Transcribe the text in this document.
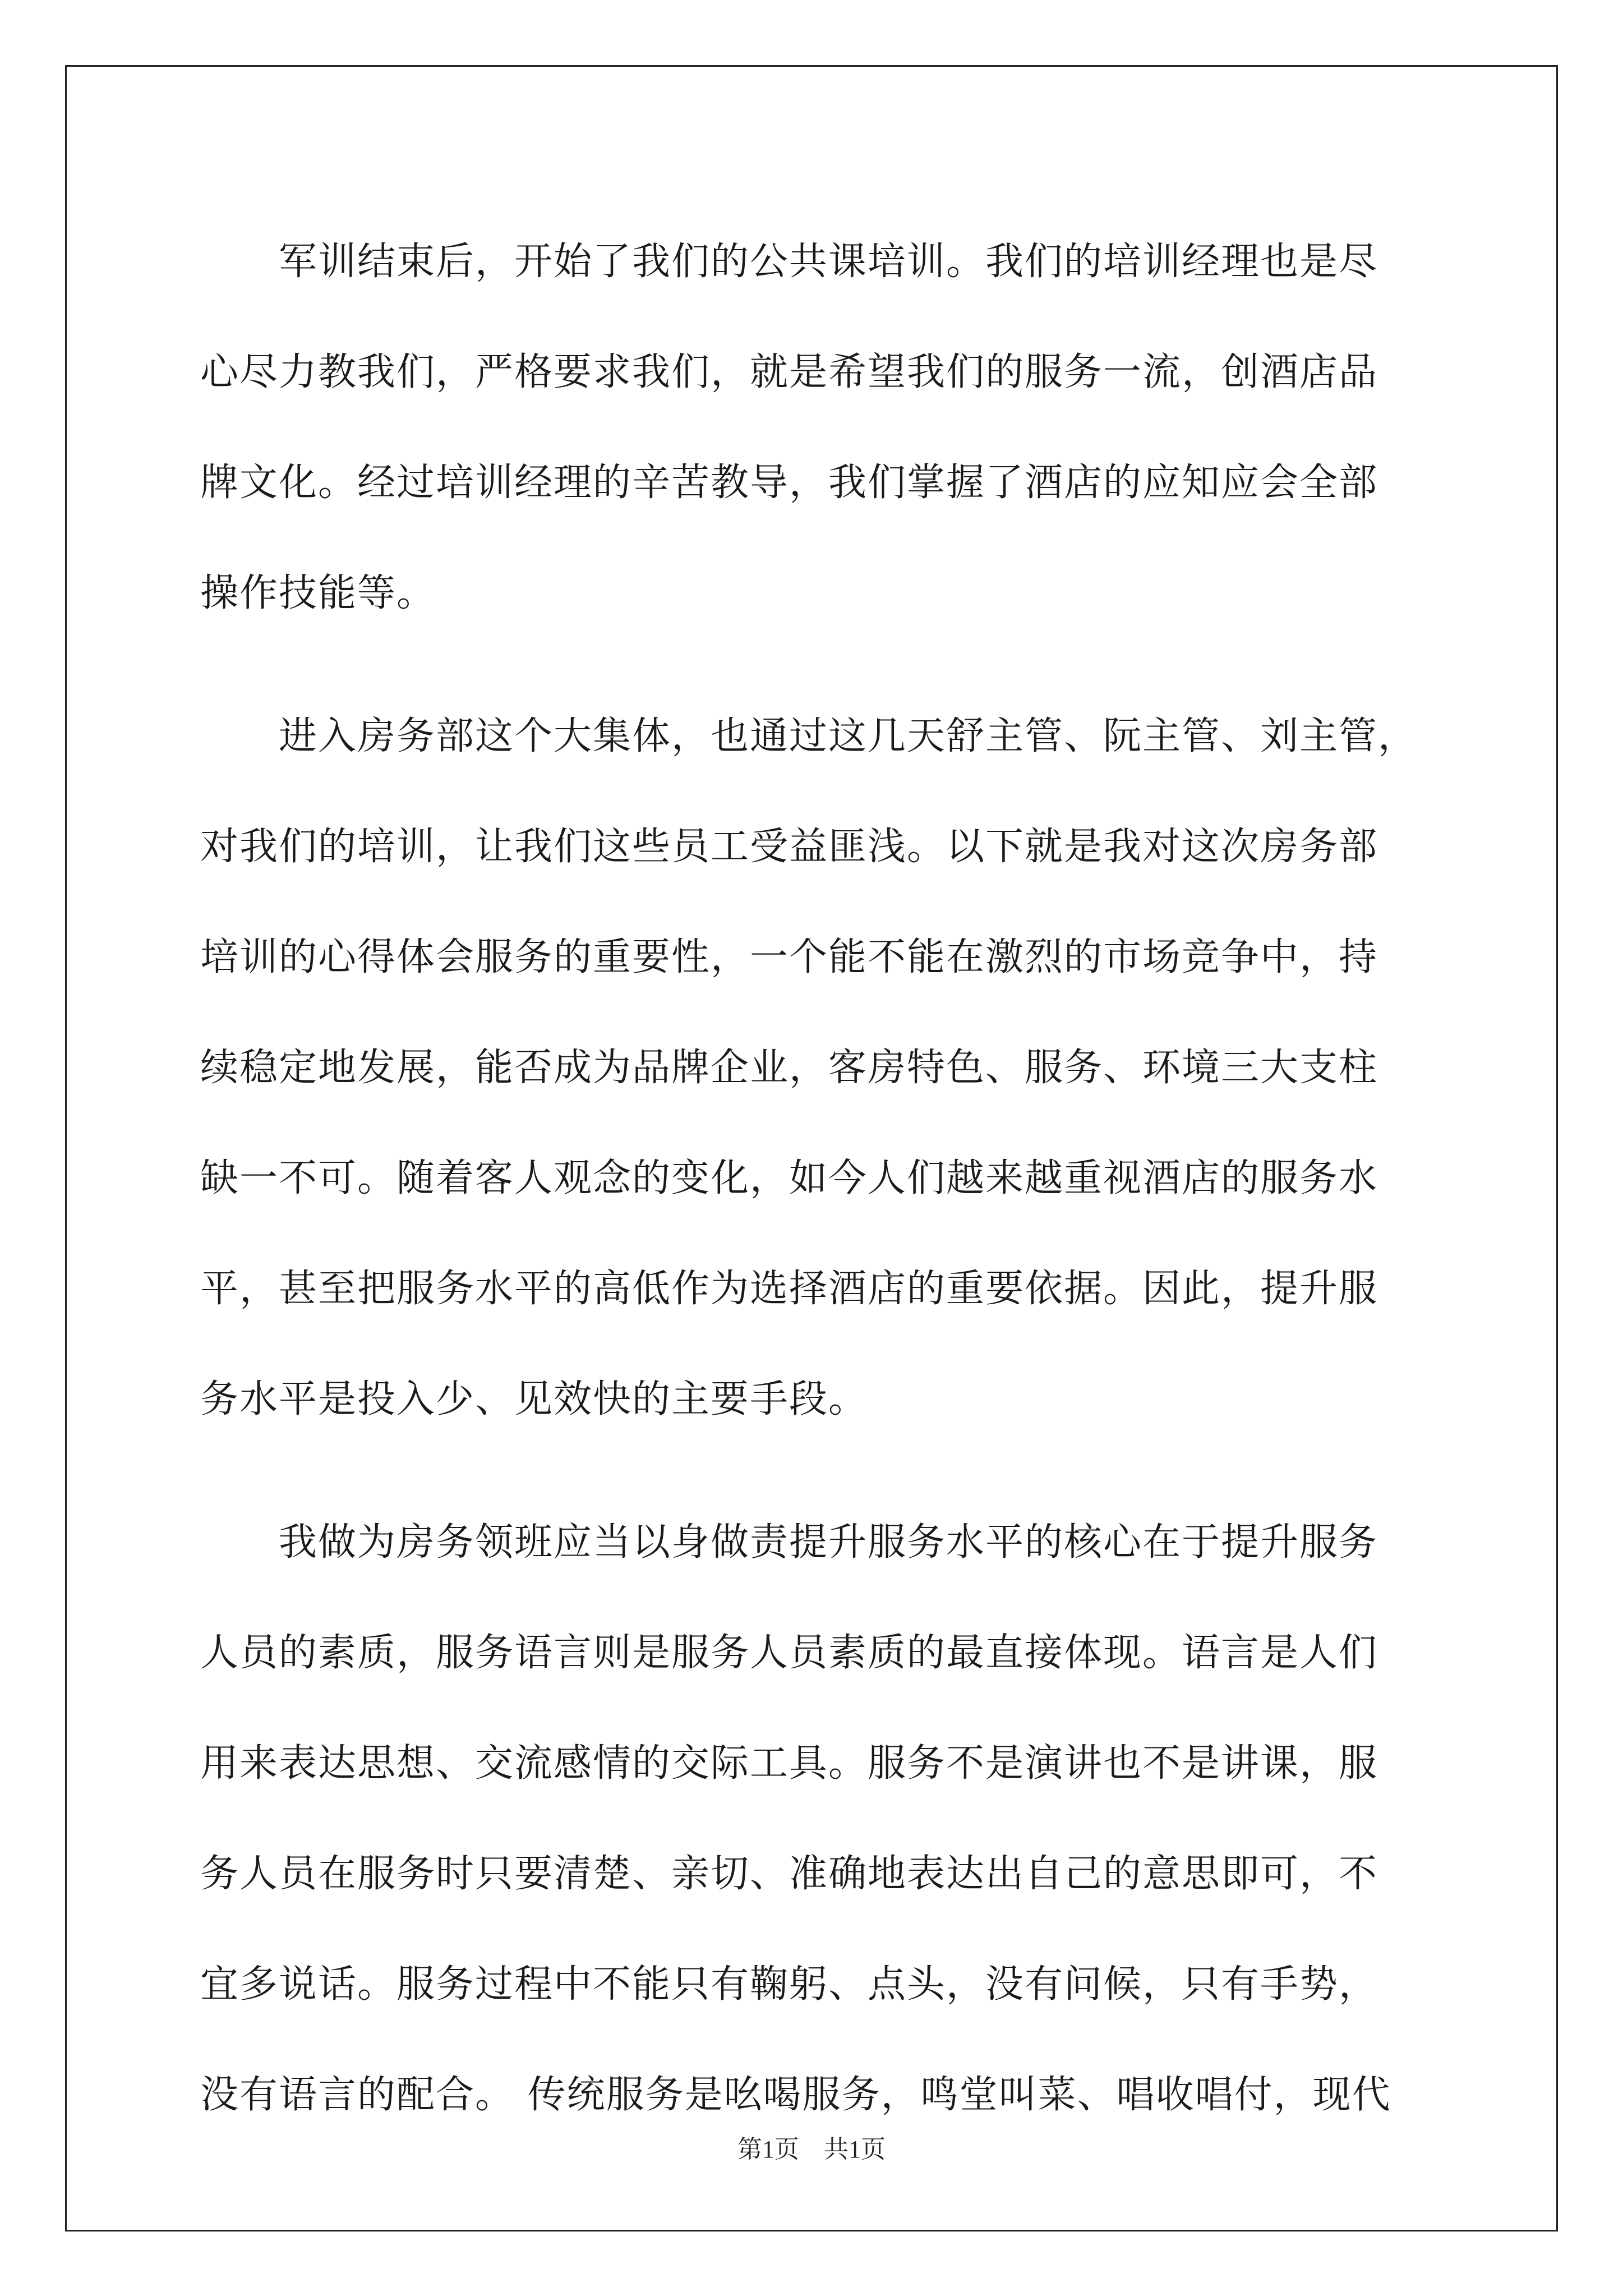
　　军训结束后，开始了我们的公共课培训。我们的培训经理也是尽
心尽力教我们，严格要求我们，就是希望我们的服务一流，创酒店品
牌文化。经过培训经理的辛苦教导，我们掌握了酒店的应知应会全部
操作技能等。
　　进入房务部这个大集体，也通过这几天舒主管、阮主管、刘主管，
对我们的培训，让我们这些员工受益匪浅。以下就是我对这次房务部
培训的心得体会服务的重要性，一个能不能在激烈的市场竞争中，持
续稳定地发展，能否成为品牌企业，客房特色、服务、环境三大支柱
缺一不可。随着客人观念的变化，如今人们越来越重视酒店的服务水
平，甚至把服务水平的高低作为选择酒店的重要依据。因此，提升服
务水平是投入少、见效快的主要手段。
　　我做为房务领班应当以身做责提升服务水平的核心在于提升服务
人员的素质，服务语言则是服务人员素质的最直接体现。语言是人们
用来表达思想、交流感情的交际工具。服务不是演讲也不是讲课，服
务人员在服务时只要清楚、亲切、准确地表达出自己的意思即可，不
宜多说话。服务过程中不能只有鞠躬、点头，没有问候，只有手势，
没有语言的配合。 传统服务是吆喝服务，鸣堂叫菜、唱收唱付，现代
第1页　共1页
